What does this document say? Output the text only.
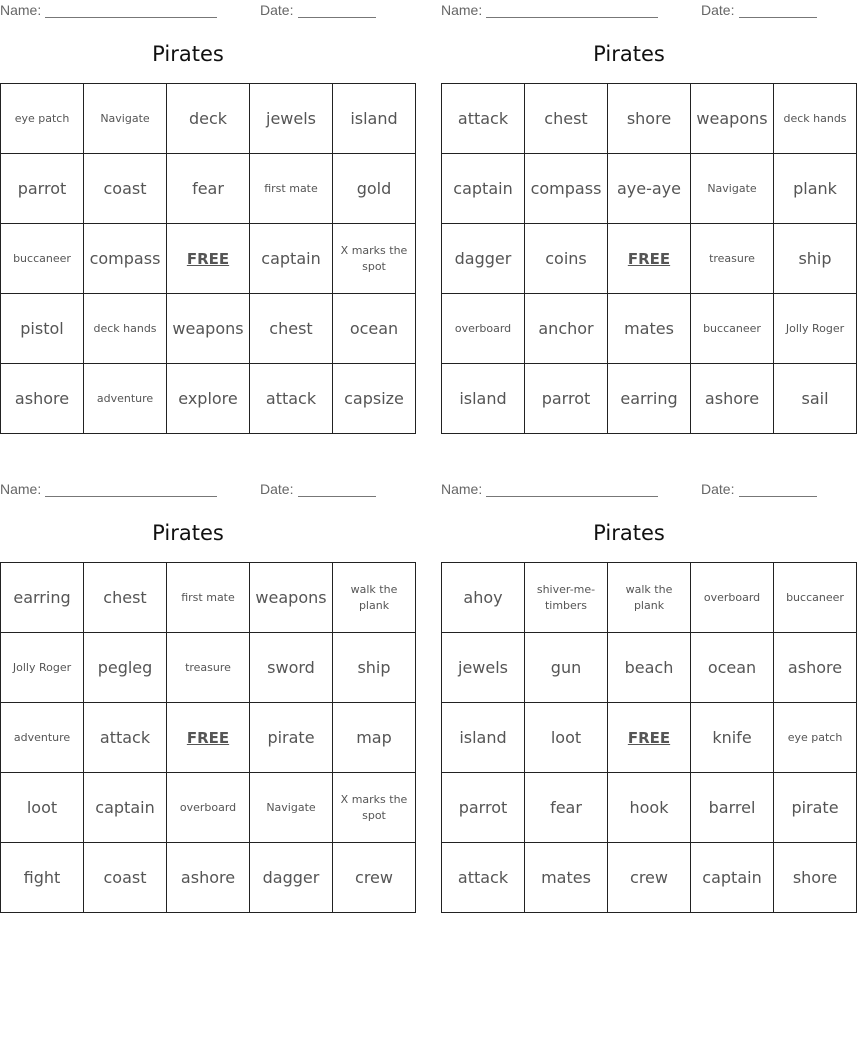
Name:	Date:
Pirates
eye patch	Navigate	deck	jewels	island
parrot	coast	fear	first mate	gold
buccaneer	compass	FREE	captain	X marks the spot
pistol	deck hands	weapons	chest	ocean
ashore	adventure	explore	attack	capsize
Name:	Date:
Pirates
attack	chest	shore	weapons	deck hands
captain	compass	aye-aye	Navigate	plank
dagger	coins	FREE	treasure	ship
overboard	anchor	mates	buccaneer	Jolly Roger
island	parrot	earring	ashore	sail
Name:	Date:
Pirates
earring	chest	first mate	weapons	walk the plank
Jolly Roger	pegleg	treasure	sword	ship
adventure	attack	FREE	pirate	map
loot	captain	overboard	Navigate	X marks the spot
fight	coast	ashore	dagger	crew
Name:	Date:
Pirates
ahoy	shiver-me-timbers	walk the plank	overboard	buccaneer
jewels	gun	beach	ocean	ashore
island	loot	FREE	knife	eye patch
parrot	fear	hook	barrel	pirate
attack	mates	crew	captain	shore
